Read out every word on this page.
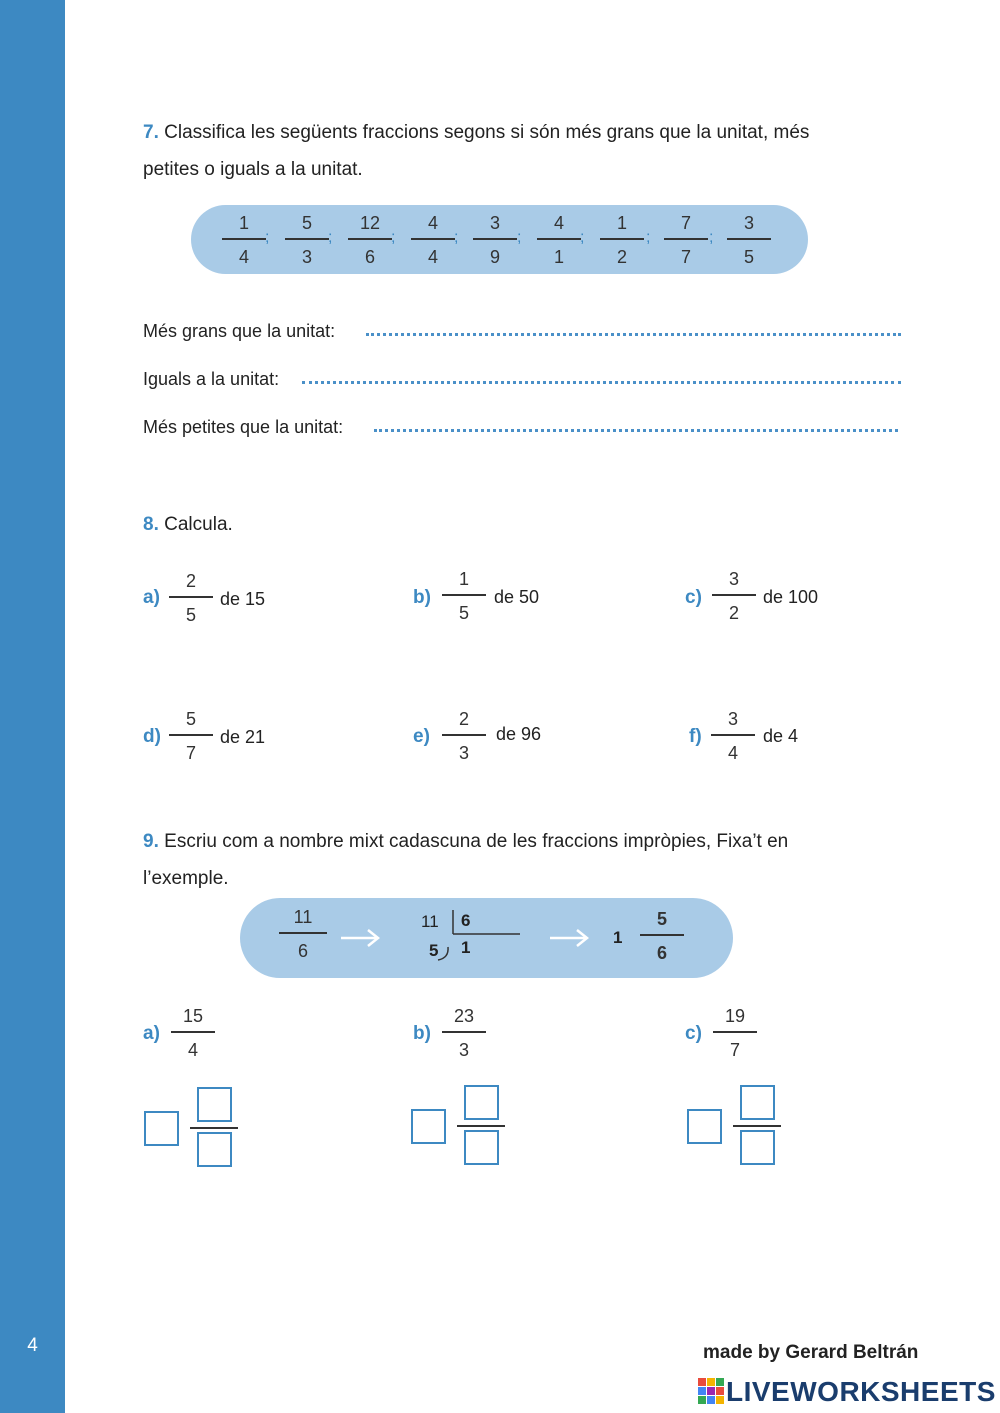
4
7. Classifica les següents fraccions segons si són més grans que la unitat, més petites o iguals a la unitat.
1
4
;
5
3
;
12
6
;
4
4
;
3
9
;
4
1
;
1
2
;
7
7
;
3
5
Més grans que la unitat:
Iguals a la unitat:
Més petites que la unitat:
8. Calcula.
a)
2
5
de 15	b)
1
5
de 50	c)
3
2
de 100
d)
5
7
de 21	e)
2
3
de 96	f)
3
4
de 4
9. Escriu com a nombre mixt cadascuna de les fraccions impròpies, Fixa’t en l’exemple.
11
6
11 6
5 1
1
5
6
a)
15
4
b)
23
3
c)
19
7
made by Gerard Beltrán
LIVEWORKSHEETS
